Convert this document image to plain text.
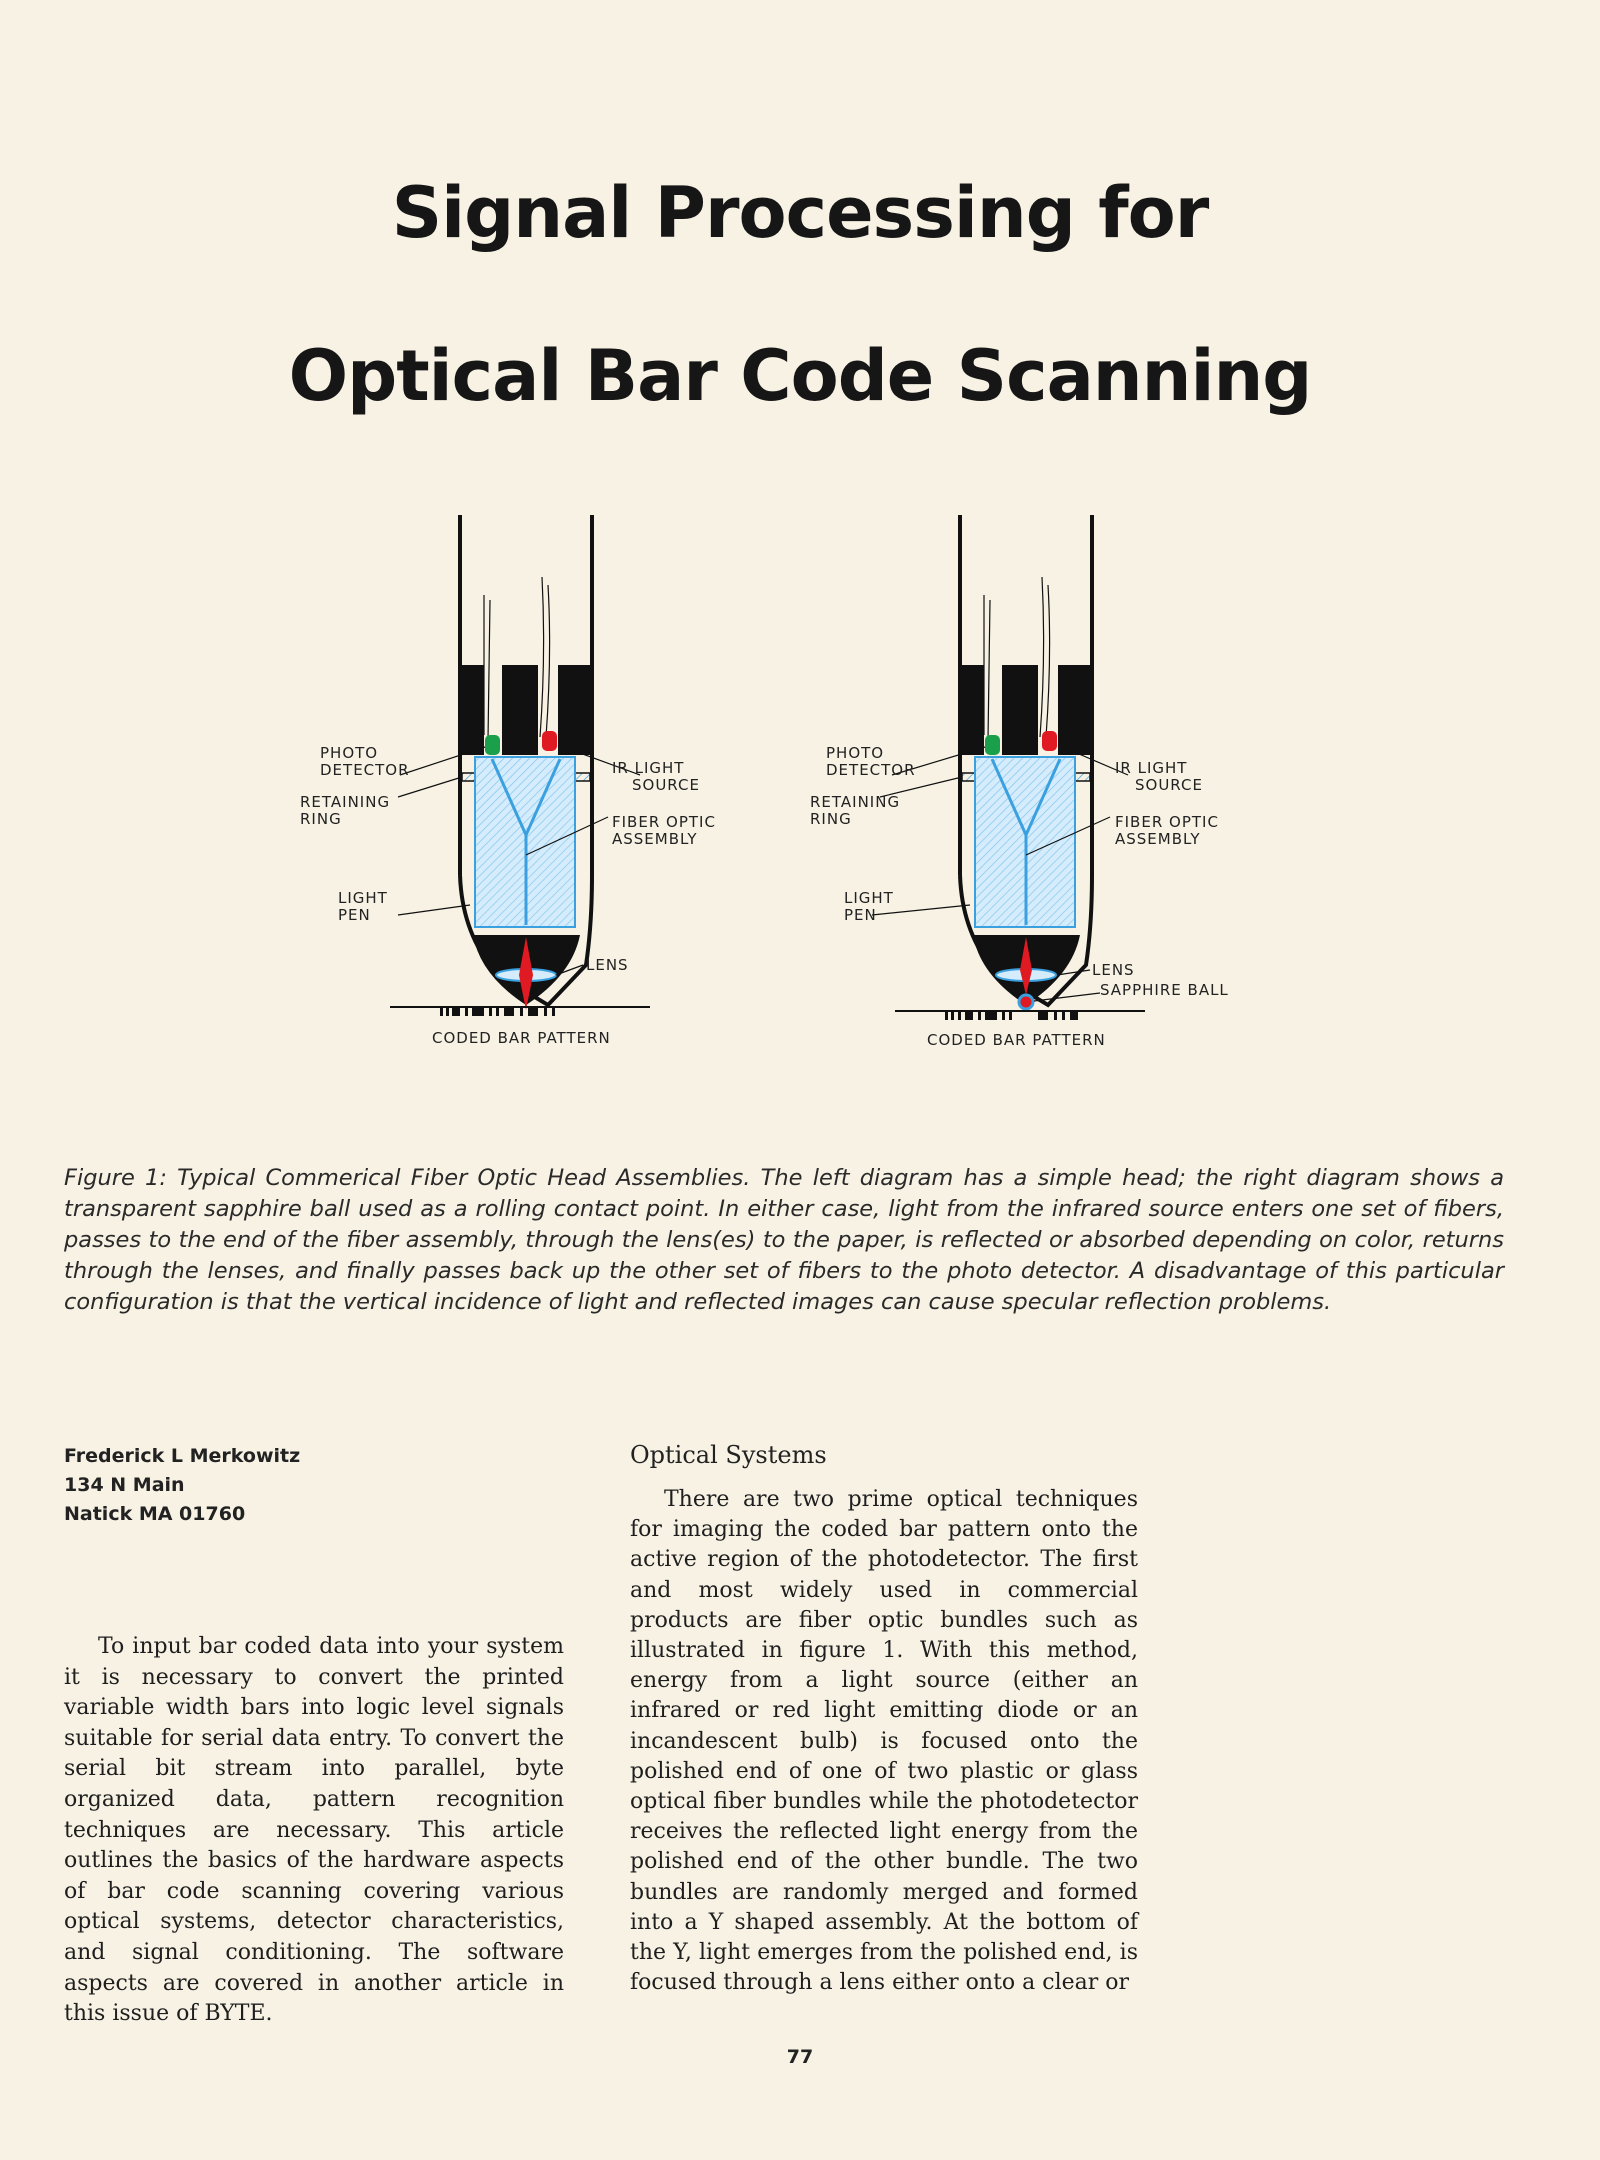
Signal Processing for
Optical Bar Code Scanning
PHOTO
DETECTOR
RETAINING
RING
IR LIGHT
SOURCE
FIBER OPTIC
ASSEMBLY
LIGHT
PEN
LENS
CODED BAR PATTERN
PHOTO
DETECTOR
RETAINING
RING
IR LIGHT
SOURCE
FIBER OPTIC
ASSEMBLY
LIGHT
PEN
LENS
SAPPHIRE BALL
CODED BAR PATTERN

Figure 1: Typical Commerical Fiber Optic Head Assemblies. The left diagram has a simple head; the right diagram shows a transparent sapphire ball used as a rolling contact point. In either case, light from the infrared source enters one set of fibers, passes to the end of the fiber assembly, through the lens(es) to the paper, is reflected or absorbed depending on color, returns through the lenses, and finally passes back up the other set of fibers to the photo detector. A disadvantage of this particular configuration is that the vertical incidence of light and reflected images can cause specular reflection problems.

Frederick L Merkowitz
134 N Main
Natick MA 01760

To input bar coded data into your system it is necessary to convert the printed variable width bars into logic level signals suitable for serial data entry. To convert the serial bit stream into parallel, byte organized data, pattern recognition techniques are necessary. This article outlines the basics of the hardware aspects of bar code scanning covering various optical systems, detector characteristics, and signal conditioning. The software aspects are covered in another article in this issue of BYTE.

Optical Systems

There are two prime optical techniques for imaging the coded bar pattern onto the active region of the photodetector. The first and most widely used in commercial products are fiber optic bundles such as illustrated in figure 1. With this method, energy from a light source (either an infrared or red light emitting diode or an incandescent bulb) is focused onto the polished end of one of two plastic or glass optical fiber bundles while the photodetector receives the reflected light energy from the polished end of the other bundle. The two bundles are randomly merged and formed into a Y shaped assembly. At the bottom of the Y, light emerges from the polished end, is focused through a lens either onto a clear or

77
